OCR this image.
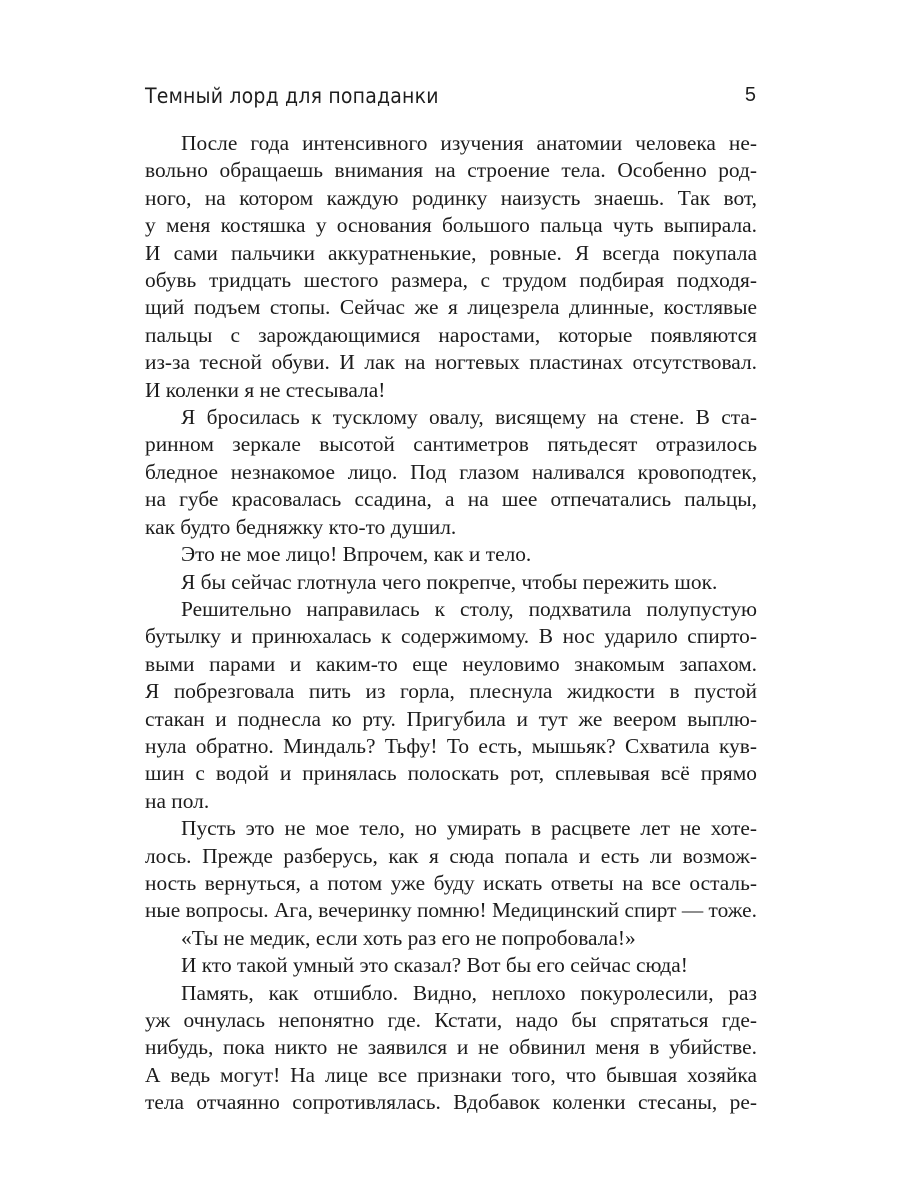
Темный лорд для попаданки	5
После года интенсивного изучения анатомии человека не-
вольно обращаешь внимания на строение тела. Особенно род-
ного, на котором каждую родинку наизусть знаешь. Так вот,
у меня костяшка у основания большого пальца чуть выпирала.
И сами пальчики аккуратненькие, ровные. Я всегда покупала
обувь тридцать шестого размера, с трудом подбирая подходя-
щий подъем стопы. Сейчас же я лицезрела длинные, костлявые
пальцы с зарождающимися наростами, которые появляются
из-за тесной обуви. И лак на ногтевых пластинах отсутствовал.
И коленки я не стесывала!
Я бросилась к тусклому овалу, висящему на стене. В ста-
ринном зеркале высотой сантиметров пятьдесят отразилось
бледное незнакомое лицо. Под глазом наливался кровоподтек,
на губе красовалась ссадина, а на шее отпечатались пальцы,
как будто бедняжку кто-то душил.
Это не мое лицо! Впрочем, как и тело.
Я бы сейчас глотнула чего покрепче, чтобы пережить шок.
Решительно направилась к столу, подхватила полупустую
бутылку и принюхалась к содержимому. В нос ударило спирто-
выми парами и каким-то еще неуловимо знакомым запахом.
Я побрезговала пить из горла, плеснула жидкости в пустой
стакан и поднесла ко рту. Пригубила и тут же веером выплю-
нула обратно. Миндаль? Тьфу! То есть, мышьяк? Схватила кув-
шин с водой и принялась полоскать рот, сплевывая всё прямо
на пол.
Пусть это не мое тело, но умирать в расцвете лет не хоте-
лось. Прежде разберусь, как я сюда попала и есть ли возмож-
ность вернуться, а потом уже буду искать ответы на все осталь-
ные вопросы. Ага, вечеринку помню! Медицинский спирт — тоже.
«Ты не медик, если хоть раз его не попробовала!»
И кто такой умный это сказал? Вот бы его сейчас сюда!
Память, как отшибло. Видно, неплохо покуролесили, раз
уж очнулась непонятно где. Кстати, надо бы спрятаться где-
нибудь, пока никто не заявился и не обвинил меня в убийстве.
А ведь могут! На лице все признаки того, что бывшая хозяйка
тела отчаянно сопротивлялась. Вдобавок коленки стесаны, ре-
